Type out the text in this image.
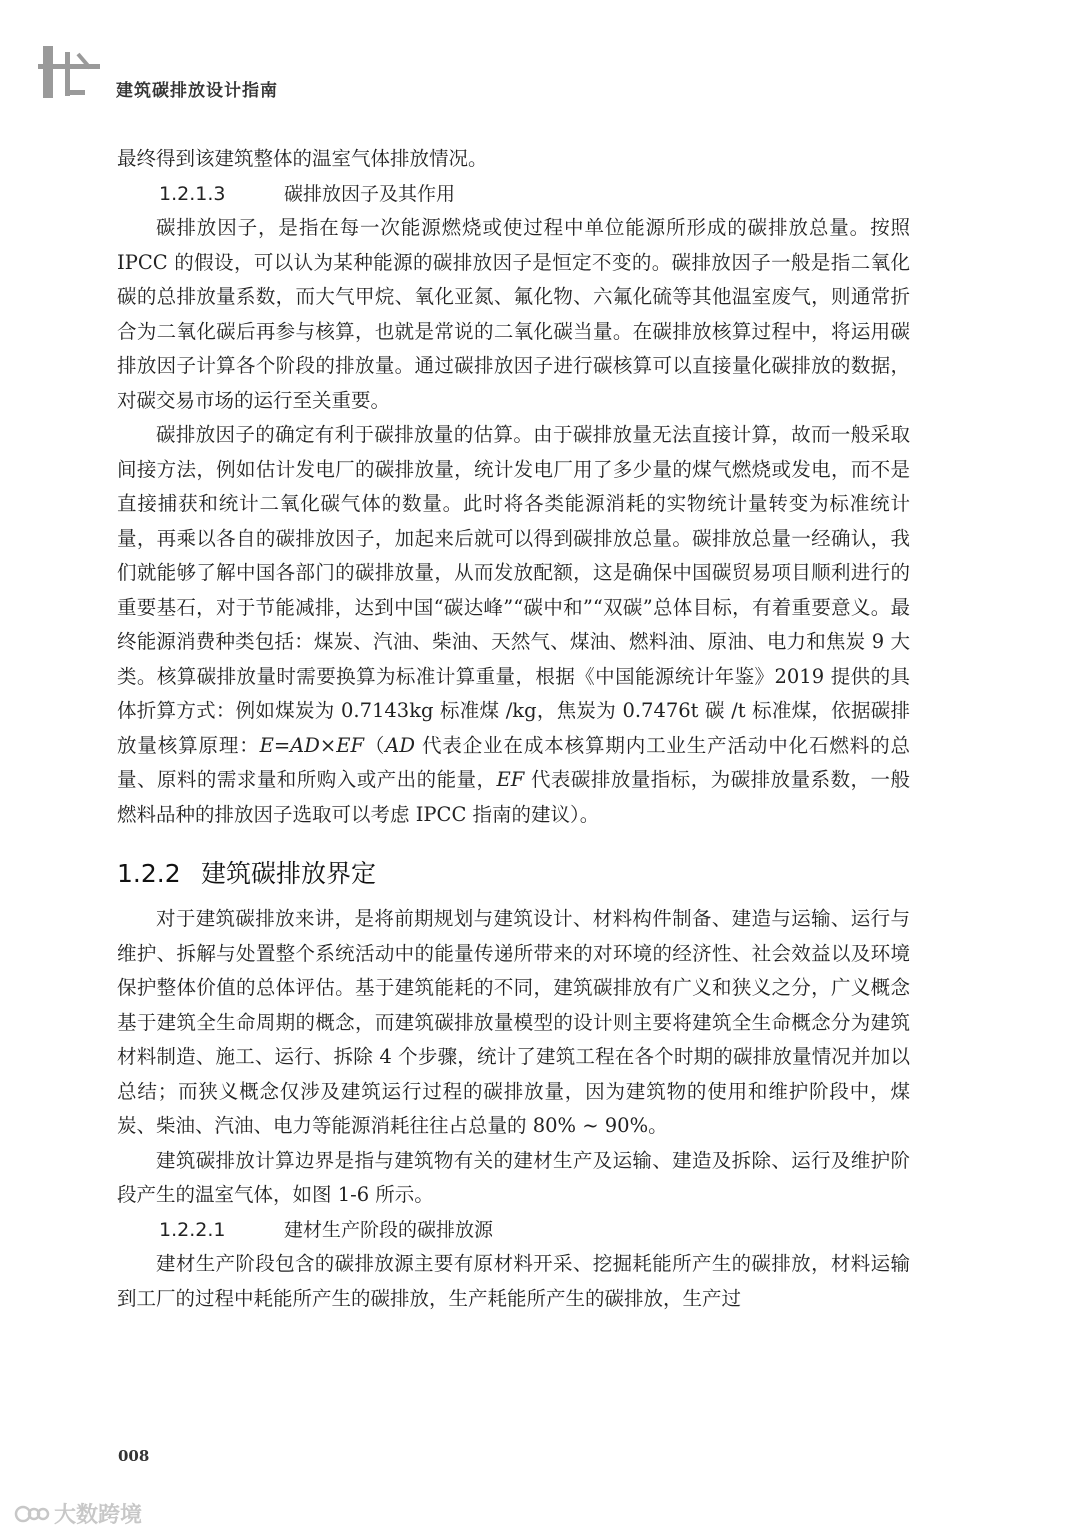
建筑碳排放设计指南

最终得到该建筑整体的温室气体排放情况。

1.2.1.3	碳排放因子及其作用

碳排放因子，是指在每一次能源燃烧或使过程中单位能源所形成的碳排放总量。按照 IPCC 的假设，可以认为某种能源的碳排放因子是恒定不变的。碳排放因子一般是指二氧化碳的总排放量系数，而大气甲烷、氧化亚氮、氟化物、六氟化硫等其他温室废气，则通常折合为二氧化碳后再参与核算，也就是常说的二氧化碳当量。在碳排放核算过程中，将运用碳排放因子计算各个阶段的排放量。通过碳排放因子进行碳核算可以直接量化碳排放的数据，对碳交易市场的运行至关重要。

碳排放因子的确定有利于碳排放量的估算。由于碳排放量无法直接计算，故而一般采取间接方法，例如估计发电厂的碳排放量，统计发电厂用了多少量的煤气燃烧或发电，而不是直接捕获和统计二氧化碳气体的数量。此时将各类能源消耗的实物统计量转变为标准统计量，再乘以各自的碳排放因子，加起来后就可以得到碳排放总量。碳排放总量一经确认，我们就能够了解中国各部门的碳排放量，从而发放配额，这是确保中国碳贸易项目顺利进行的重要基石，对于节能减排，达到中国“碳达峰”“碳中和”“双碳”总体目标，有着重要意义。最终能源消费种类包括：煤炭、汽油、柴油、天然气、煤油、燃料油、原油、电力和焦炭 9 大类。核算碳排放量时需要换算为标准计算重量，根据《中国能源统计年鉴》2019 提供的具体折算方式：例如煤炭为 0.7143kg 标准煤 /kg，焦炭为 0.7476t 碳 /t 标准煤，依据碳排放量核算原理：E=AD×EF（AD 代表企业在成本核算期内工业生产活动中化石燃料的总量、原料的需求量和所购入或产出的能量，EF 代表碳排放量指标，为碳排放量系数，一般燃料品种的排放因子选取可以考虑 IPCC 指南的建议）。

1.2.2 建筑碳排放界定

对于建筑碳排放来讲，是将前期规划与建筑设计、材料构件制备、建造与运输、运行与维护、拆解与处置整个系统活动中的能量传递所带来的对环境的经济性、社会效益以及环境保护整体价值的总体评估。基于建筑能耗的不同，建筑碳排放有广义和狭义之分，广义概念基于建筑全生命周期的概念，而建筑碳排放量模型的设计则主要将建筑全生命概念分为建筑材料制造、施工、运行、拆除 4 个步骤，统计了建筑工程在各个时期的碳排放量情况并加以总结；而狭义概念仅涉及建筑运行过程的碳排放量，因为建筑物的使用和维护阶段中，煤炭、柴油、汽油、电力等能源消耗往往占总量的 80% ~ 90%。

建筑碳排放计算边界是指与建筑物有关的建材生产及运输、建造及拆除、运行及维护阶段产生的温室气体，如图 1-6 所示。

1.2.2.1	建材生产阶段的碳排放源

建材生产阶段包含的碳排放源主要有原材料开采、挖掘耗能所产生的碳排放，材料运输到工厂的过程中耗能所产生的碳排放，生产耗能所产生的碳排放，生产过

008
大数跨境
